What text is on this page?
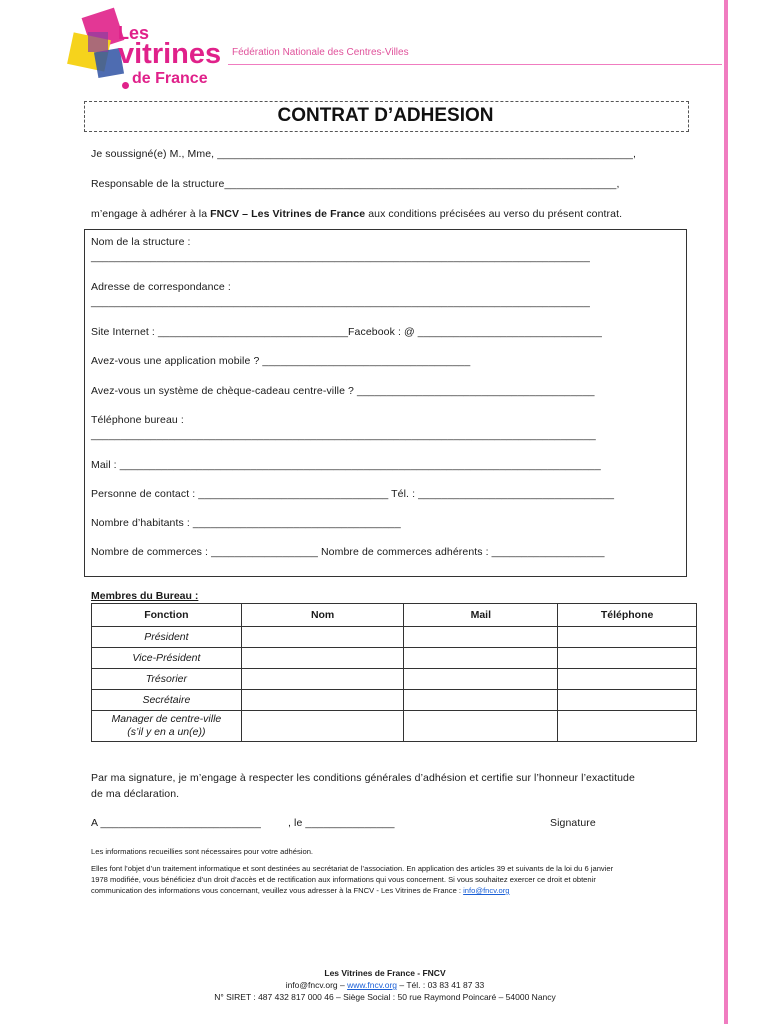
Les
vitrines
de France
Fédération Nationale des Centres-Villes
CONTRAT D’ADHESION
Je soussigné(e) M., Mme, ______________________________________________________________________,
Responsable de la structure__________________________________________________________________,
m’engage à adhérer à la FNCV – Les Vitrines de France aux conditions précisées au verso du présent contrat.
Nom de la structure :
____________________________________________________________________________________
Adresse de correspondance :
____________________________________________________________________________________
Site Internet : ________________________________Facebook : @ _______________________________
Avez-vous une application mobile ? ___________________________________
Avez-vous un système de chèque-cadeau centre-ville ? ________________________________________
Téléphone bureau :
_____________________________________________________________________________________
Mail : _________________________________________________________________________________
Personne de contact : ________________________________ Tél. : _________________________________
Nombre d’habitants : ___________________________________
Nombre de commerces : __________________ Nombre de commerces adhérents : ___________________
Membres du Bureau :
Fonction	Nom	Mail	Téléphone
Président			
Vice-Président			
Trésorier			
Secrétaire			
Manager de centre-ville
(s’il y en a un(e))			
Par ma signature, je m’engage à respecter les conditions générales d’adhésion et certifie sur l’honneur l’exactitude
de ma déclaration.
A ___________________________	, le _______________	Signature
Les informations recueillies sont nécessaires pour votre adhésion.
Elles font l’objet d’un traitement informatique et sont destinées au secrétariat de l’association. En application des articles 39 et suivants de la loi du 6 janvier
1978 modifiée, vous bénéficiez d’un droit d’accès et de rectification aux informations qui vous concernent. Si vous souhaitez exercer ce droit et obtenir
communication des informations vous concernant, veuillez vous adresser à la FNCV - Les Vitrines de France : info@fncv.org
Les Vitrines de France - FNCV
info@fncv.org – www.fncv.org – Tél. : 03 83 41 87 33
N° SIRET : 487 432 817 000 46 – Siège Social : 50 rue Raymond Poincaré – 54000 Nancy
